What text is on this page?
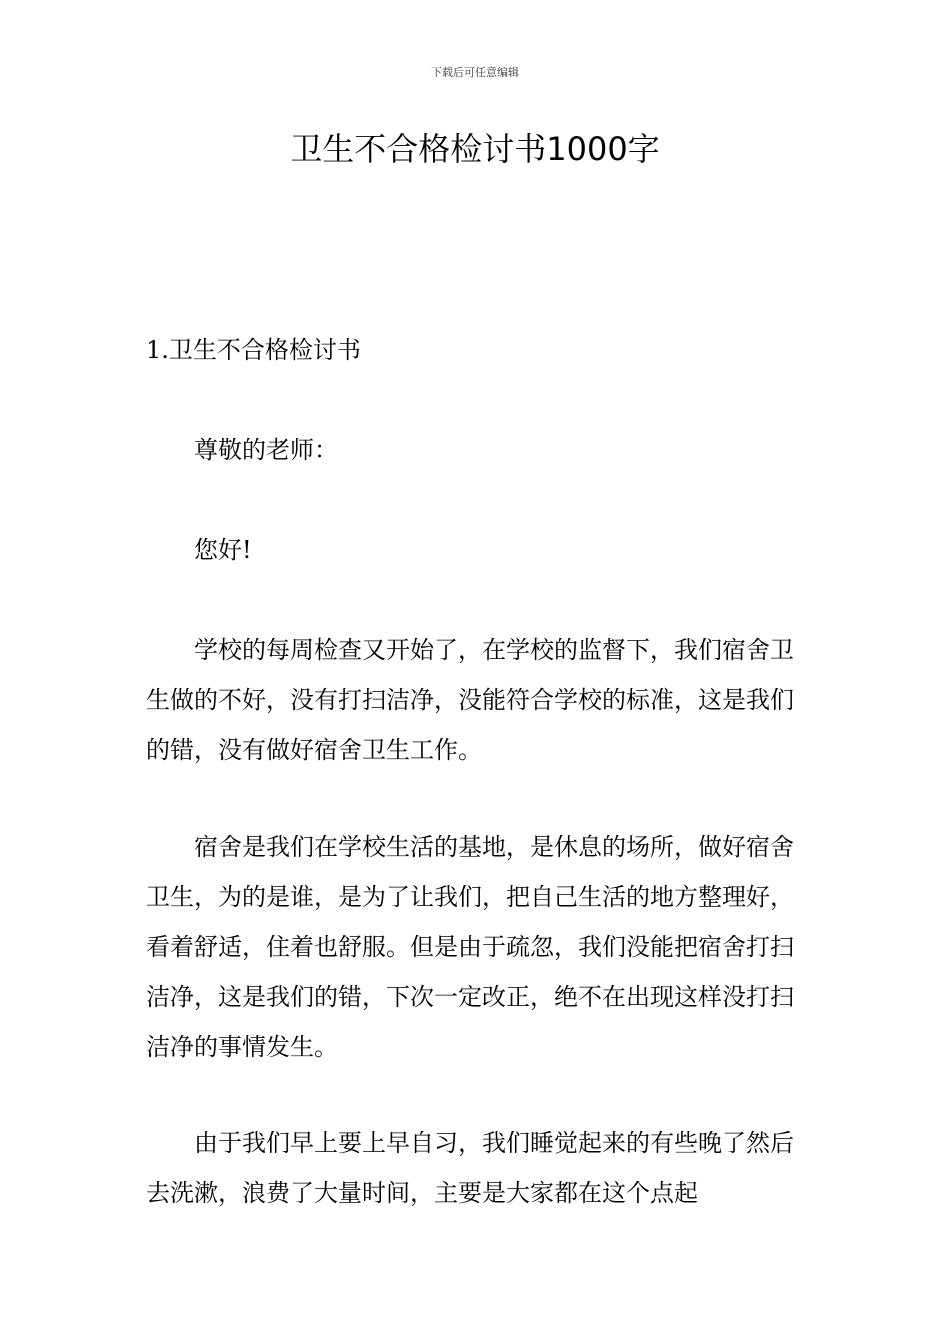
下载后可任意编辑
卫生不合格检讨书1000字

1.卫生不合格检讨书

尊敬的老师：

您好!

学校的每周检查又开始了，在学校的监督下，我们宿舍卫生做的不好，没有打扫洁净，没能符合学校的标准，这是我们的错，没有做好宿舍卫生工作。

宿舍是我们在学校生活的基地，是休息的场所，做好宿舍卫生，为的是谁，是为了让我们，把自己生活的地方整理好，看着舒适，住着也舒服。但是由于疏忽，我们没能把宿舍打扫洁净，这是我们的错，下次一定改正，绝不在出现这样没打扫洁净的事情发生。

由于我们早上要上早自习，我们睡觉起来的有些晚了然后去洗漱，浪费了大量时间，主要是大家都在这个点起
